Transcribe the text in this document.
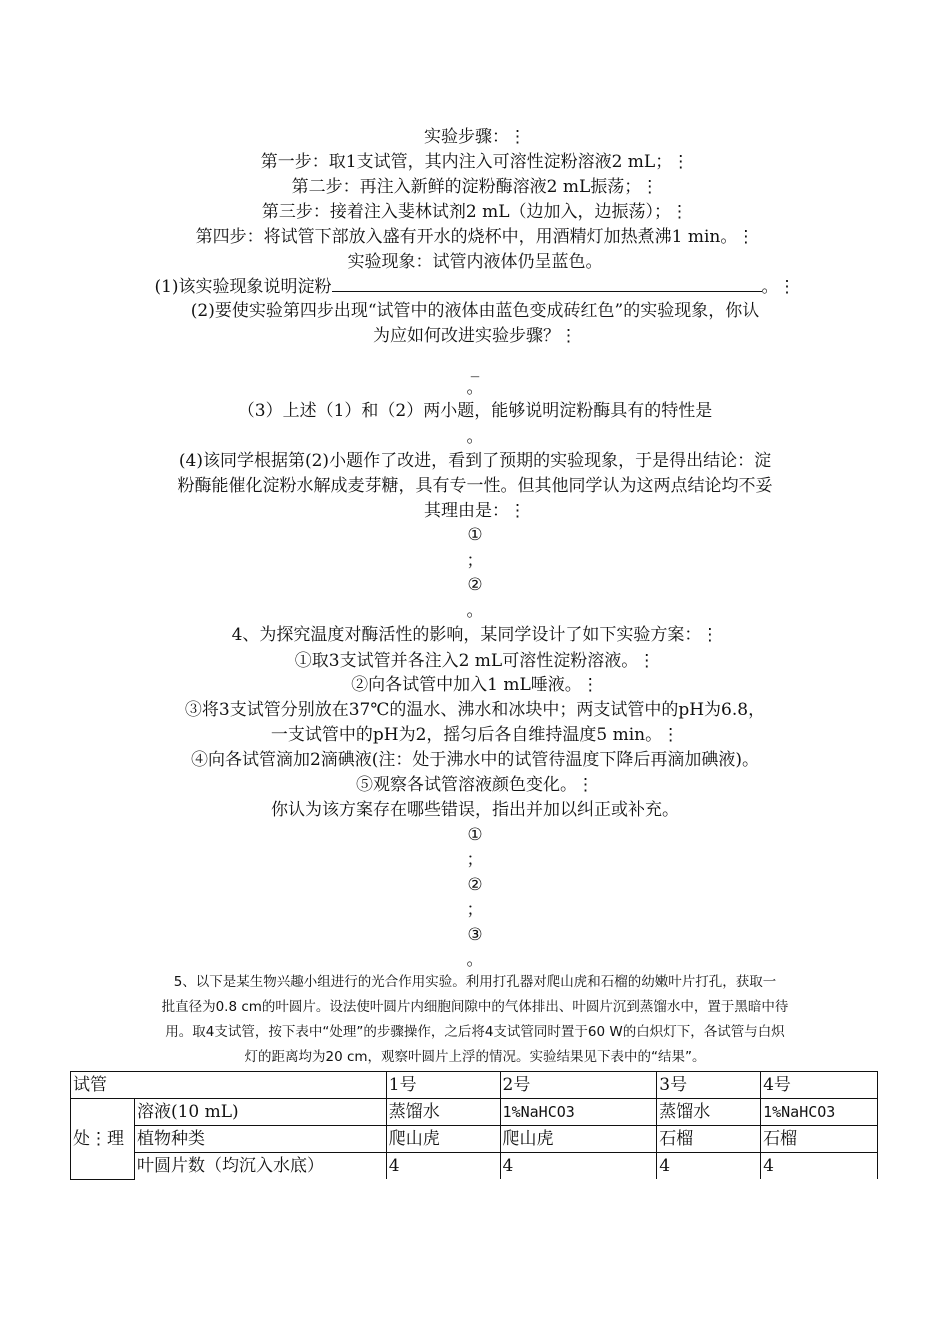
实验步骤：⋮
第一步：取1支试管，其内注入可溶性淀粉溶液2 mL；⋮
第二步：再注入新鲜的淀粉酶溶液2 mL振荡；⋮
第三步：接着注入斐林试剂2 mL（边加入，边振荡）；⋮
第四步：将试管下部放入盛有开水的烧杯中，用酒精灯加热煮沸1 min。⋮
实验现象：试管内液体仍呈蓝色。
(1)该实验现象说明淀粉	。⋮
(2)要使实验第四步出现“试管中的液体由蓝色变成砖红色”的实验现象，你认
为应如何改进实验步骤？⋮
_
。
（3）上述（1）和（2）两小题，能够说明淀粉酶具有的特性是
。
(4)该同学根据第(2)小题作了改进，看到了预期的实验现象，于是得出结论：淀
粉酶能催化淀粉水解成麦芽糖，具有专一性。但其他同学认为这两点结论均不妥
其理由是：⋮
①
；
②
。
4、为探究温度对酶活性的影响，某同学设计了如下实验方案：⋮
①取3支试管并各注入2 mL可溶性淀粉溶液。⋮
②向各试管中加入1 mL唾液。⋮
③将3支试管分别放在37℃的温水、沸水和冰块中；两支试管中的pH为6.8，
一支试管中的pH为2，摇匀后各自维持温度5 min。⋮
④向各试管滴加2滴碘液(注：处于沸水中的试管待温度下降后再滴加碘液)。
⑤观察各试管溶液颜色变化。⋮
你认为该方案存在哪些错误，指出并加以纠正或补充。
①
；
②
；
③
。
5、以下是某生物兴趣小组进行的光合作用实验。利用打孔器对爬山虎和石榴的幼嫩叶片打孔，获取一
批直径为0.8 cm的叶圆片。设法使叶圆片内细胞间隙中的气体排出、叶圆片沉到蒸馏水中，置于黑暗中待
用。取4支试管，按下表中“处理”的步骤操作，之后将4支试管同时置于60 W的白炽灯下，各试管与白炽
灯的距离均为20 cm，观察叶圆片上浮的情况。实验结果见下表中的“结果”。
试管		1号	2号	3号	4号
处⋮理	溶液(10 mL)	蒸馏水	1%NaHCO3	蒸馏水	1%NaHCO3
	植物种类	爬山虎	爬山虎	石榴	石榴
	叶圆片数（均沉入水底）	4	4	4	4
